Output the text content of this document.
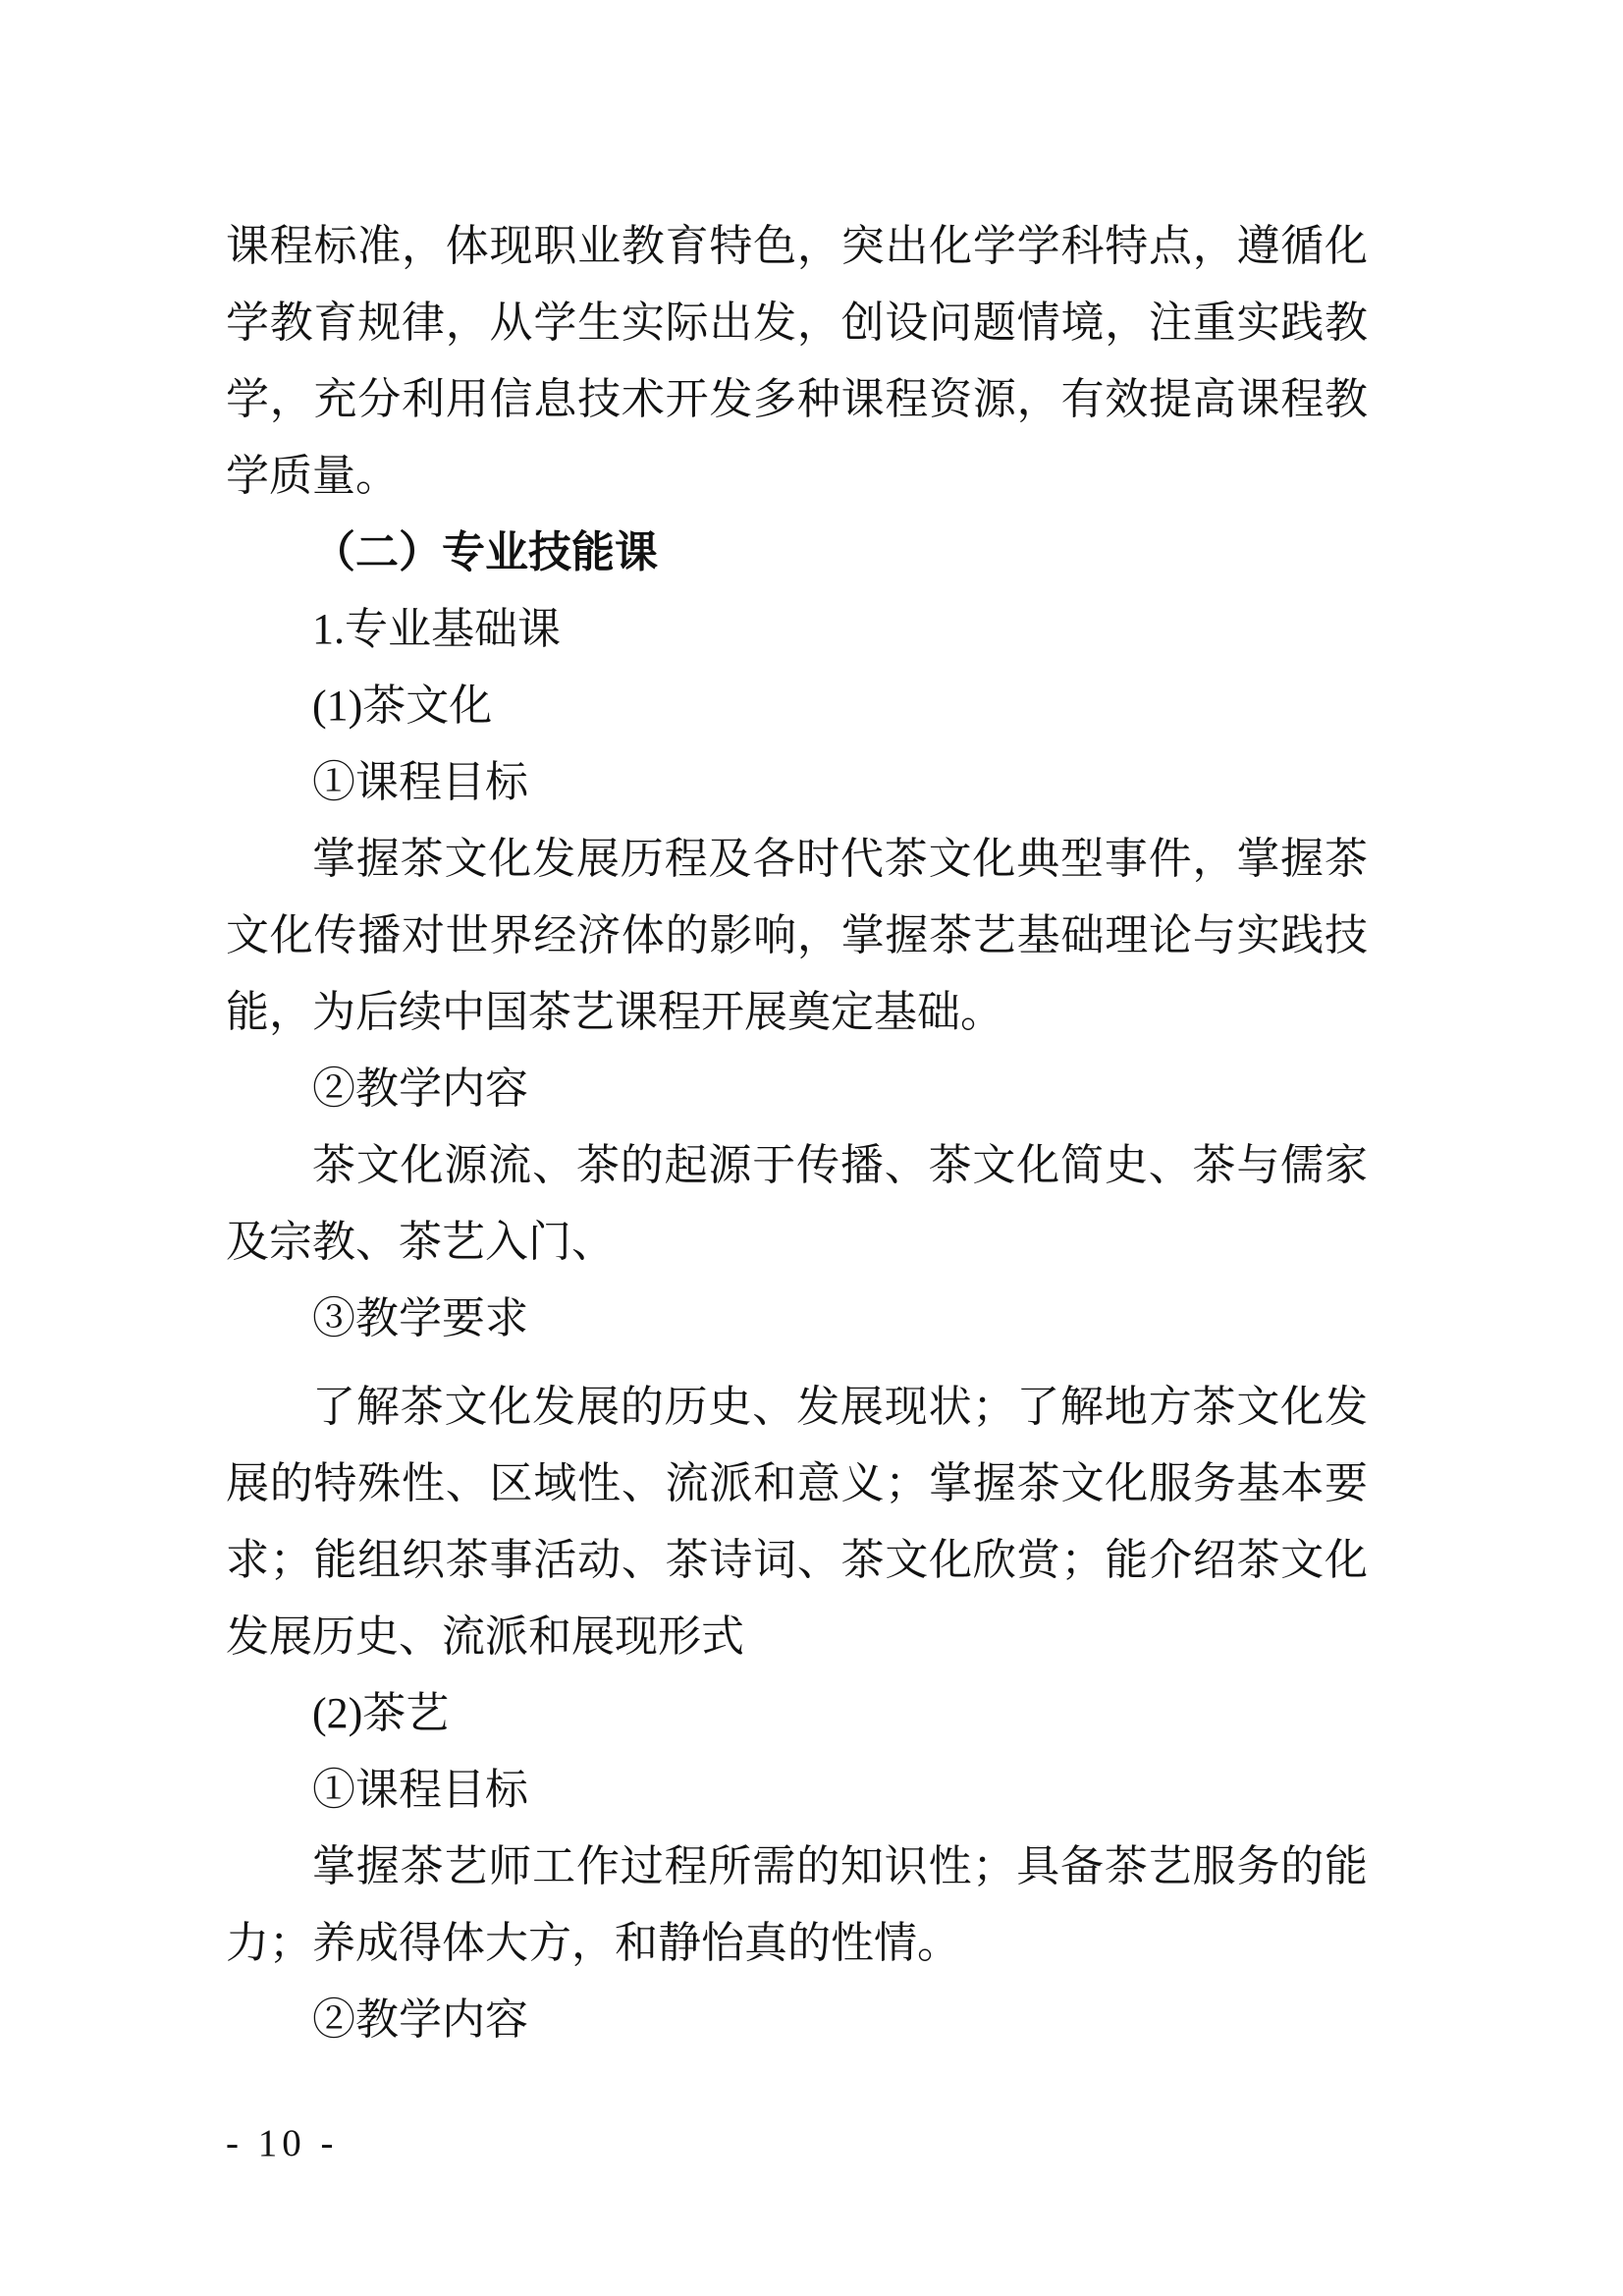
课程标准，体现职业教育特色，突出化学学科特点，遵循化
学教育规律，从学生实际出发，创设问题情境，注重实践教
学，充分利用信息技术开发多种课程资源，有效提高课程教
学质量。
（二）专业技能课
1.专业基础课
(1)茶文化
①课程目标
掌握茶文化发展历程及各时代茶文化典型事件，掌握茶
文化传播对世界经济体的影响，掌握茶艺基础理论与实践技
能，为后续中国茶艺课程开展奠定基础。
②教学内容
茶文化源流、茶的起源于传播、茶文化简史、茶与儒家
及宗教、茶艺入门、
③教学要求
了解茶文化发展的历史、发展现状；了解地方茶文化发
展的特殊性、区域性、流派和意义；掌握茶文化服务基本要
求；能组织茶事活动、茶诗词、茶文化欣赏；能介绍茶文化
发展历史、流派和展现形式
(2)茶艺
①课程目标
掌握茶艺师工作过程所需的知识性；具备茶艺服务的能
力；养成得体大方，和静怡真的性情。
②教学内容
- 10 -
